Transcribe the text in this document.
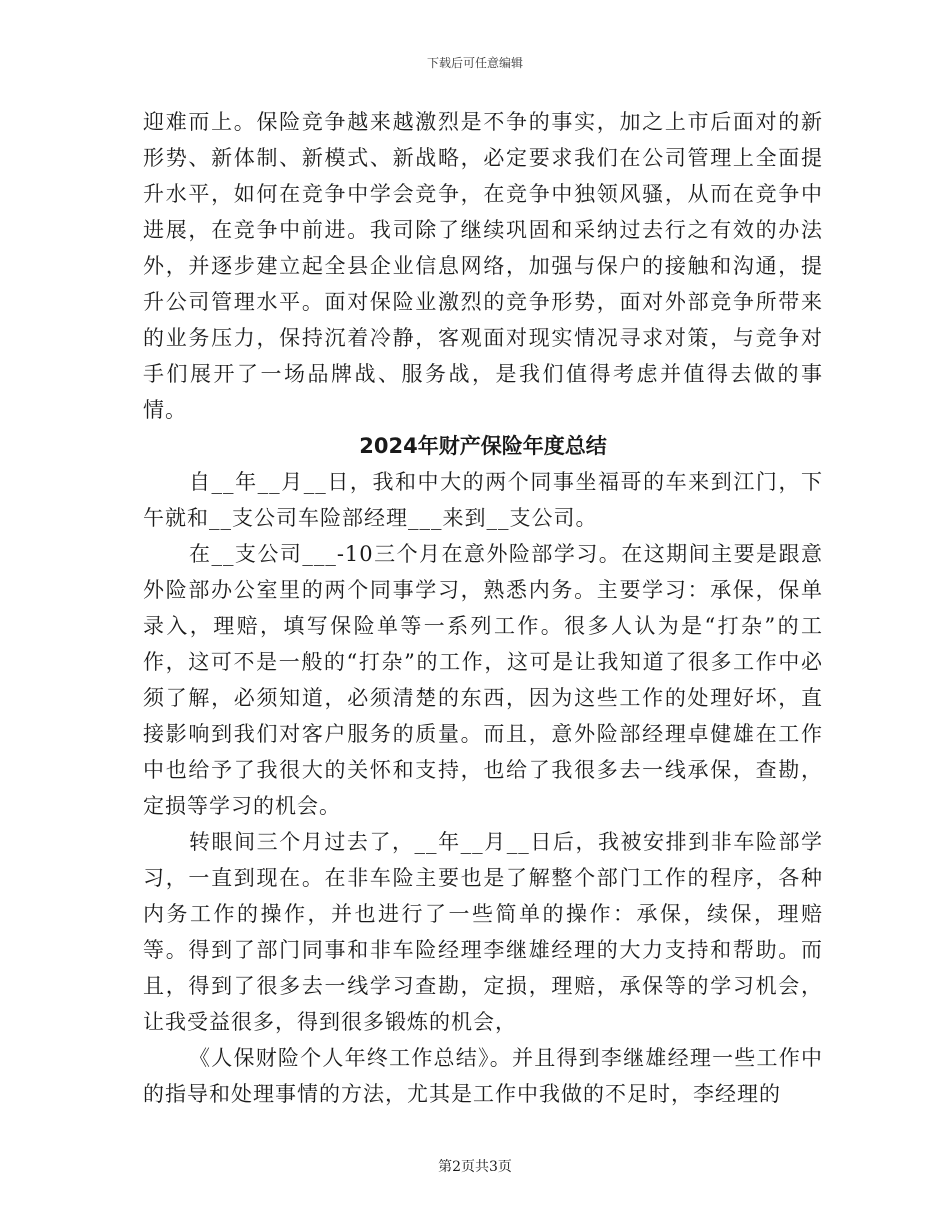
下载后可任意编辑

迎难而上。保险竞争越来越激烈是不争的事实，加之上市后面对的新形势、新体制、新模式、新战略，必定要求我们在公司管理上全面提升水平，如何在竞争中学会竞争，在竞争中独领风骚，从而在竞争中进展，在竞争中前进。我司除了继续巩固和采纳过去行之有效的办法外，并逐步建立起全县企业信息网络，加强与保户的接触和沟通，提升公司管理水平。面对保险业激烈的竞争形势，面对外部竞争所带来的业务压力，保持沉着冷静，客观面对现实情况寻求对策，与竞争对手们展开了一场品牌战、服务战，是我们值得考虑并值得去做的事情。

2024年财产保险年度总结

自__年__月__日，我和中大的两个同事坐福哥的车来到江门，下午就和__支公司车险部经理___来到__支公司。

在__支公司___-10三个月在意外险部学习。在这期间主要是跟意外险部办公室里的两个同事学习，熟悉内务。主要学习：承保，保单录入，理赔，填写保险单等一系列工作。很多人认为是“打杂”的工作，这可不是一般的“打杂”的工作，这可是让我知道了很多工作中必须了解，必须知道，必须清楚的东西，因为这些工作的处理好坏，直接影响到我们对客户服务的质量。而且，意外险部经理卓健雄在工作中也给予了我很大的关怀和支持，也给了我很多去一线承保，查勘，定损等学习的机会。

转眼间三个月过去了，__年__月__日后，我被安排到非车险部学习，一直到现在。在非车险主要也是了解整个部门工作的程序，各种内务工作的操作，并也进行了一些简单的操作：承保，续保，理赔等。得到了部门同事和非车险经理李继雄经理的大力支持和帮助。而且，得到了很多去一线学习查勘，定损，理赔，承保等的学习机会，让我受益很多，得到很多锻炼的机会，

《人保财险个人年终工作总结》。并且得到李继雄经理一些工作中的指导和处理事情的方法，尤其是工作中我做的不足时，李经理的

第2页共3页
